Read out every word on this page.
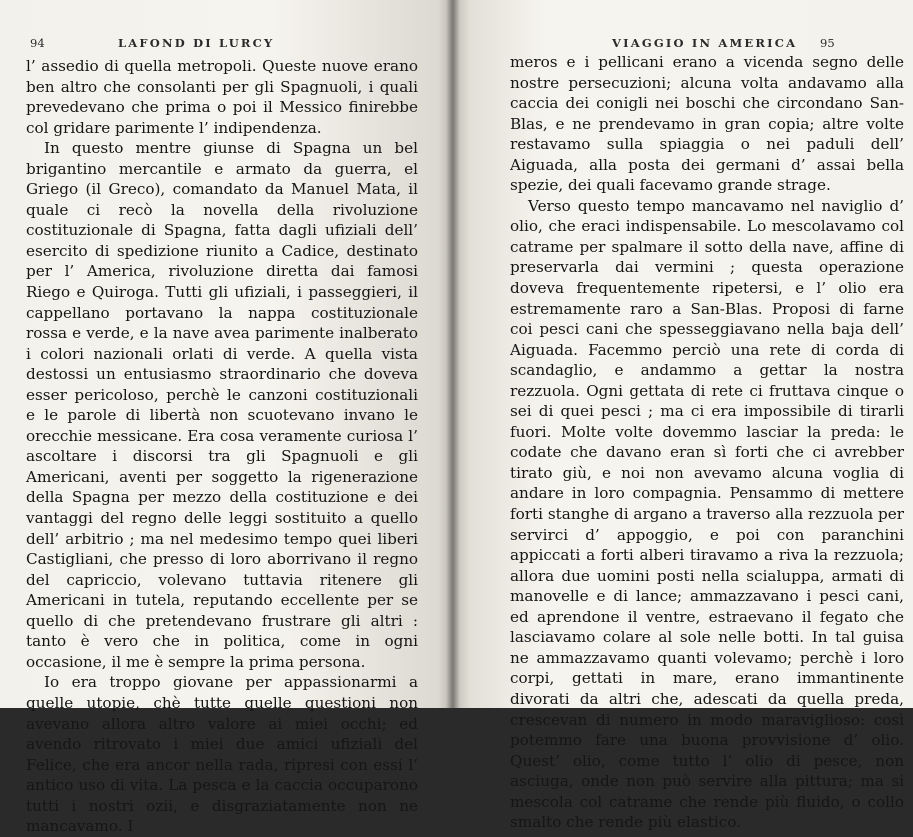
94	LAFOND DI LURCY

l’ assedio di quella metropoli. Queste nuove erano ben altro che consolanti per gli Spagnuoli, i quali prevedevano che prima o poi il Messico finirebbe col gridare parimente l’ indipendenza.

In questo mentre giunse di Spagna un bel brigantino mercantile e armato da guerra, el Griego (il Greco), comandato da Manuel Mata, il quale ci recò la novella della rivoluzione costituzionale di Spagna, fatta dagli ufiziali dell’ esercito di spedizione riunito a Cadice, destinato per l’ America, rivoluzione diretta dai famosi Riego e Quiroga. Tutti gli ufiziali, i passeggieri, il cappellano portavano la nappa costituzionale rossa e verde, e la nave avea parimente inalberato i colori nazionali orlati di verde. A quella vista destossi un entusiasmo straordinario che doveva esser pericoloso, perchè le canzoni costituzionali e le parole di libertà non scuotevano invano le orecchie messicane. Era cosa veramente curiosa l’ ascoltare i discorsi tra gli Spagnuoli e gli Americani, aventi per soggetto la rigenerazione della Spagna per mezzo della costituzione e dei vantaggi del regno delle leggi sostituito a quello dell’ arbitrio ; ma nel medesimo tempo quei liberi Castigliani, che presso di loro aborrivano il regno del capriccio, volevano tuttavia ritenere gli Americani in tutela, reputando eccellente per se quello di che pretendevano frustrare gli altri : tanto è vero che in politica, come in ogni occasione, il me è sempre la prima persona.

Io era troppo giovane per appassionarmi a quelle utopie, chè tutte quelle questioni non avevano allora altro valore ai miei occhi; ed avendo ritrovato i miei due amici ufiziali del Felice, che era ancor nella rada, ripresi con essi l’ antico uso di vita. La pesca e la caccia occuparono tutti i nostri ozii, e disgraziatamente non ne mancavamo. I

VIAGGIO IN AMERICA 95

meros e i pellicani erano a vicenda segno delle nostre persecuzioni; alcuna volta andavamo alla caccia dei conigli nei boschi che circondano San-Blas, e ne prendevamo in gran copia; altre volte restavamo sulla spiaggia o nei paduli dell’ Aiguada, alla posta dei germani d’ assai bella spezie, dei quali facevamo grande strage.

Verso questo tempo mancavamo nel naviglio d’ olio, che eraci indispensabile. Lo mescolavamo col catrame per spalmare il sotto della nave, affine di preservarla dai vermini ; questa operazione doveva frequentemente ripetersi, e l’ olio era estremamente raro a San-Blas. Proposi di farne coi pesci cani che spesseggiavano nella baja dell’ Aiguada. Facemmo perciò una rete di corda di scandaglio, e andammo a gettar la nostra rezzuola. Ogni gettata di rete ci fruttava cinque o sei di quei pesci ; ma ci era impossibile di tirarli fuori. Molte volte dovemmo lasciar la preda: le codate che davano eran sì forti che ci avrebber tirato giù, e noi non avevamo alcuna voglia di andare in loro compagnia. Pensammo di mettere forti stanghe di argano a traverso alla rezzuola per servirci d’ appoggio, e poi con paranchini appiccati a forti alberi tiravamo a riva la rezzuola; allora due uomini posti nella scialuppa, armati di manovelle e di lance; ammazzavano i pesci cani, ed aprendone il ventre, estraevano il fegato che lasciavamo colare al sole nelle botti. In tal guisa ne ammazzavamo quanti volevamo; perchè i loro corpi, gettati in mare, erano immantinente divorati da altri che, adescati da quella preda, crescevan di numero in modo maraviglioso: così potemmo fare una buona provvisione d’ olio. Quest’ olio, come tutto l’ olio di pesce, non asciuga, onde non può servire alla pittura; ma si mescola col catrame che rende più fluido, o collo smalto che rende più elastico.
